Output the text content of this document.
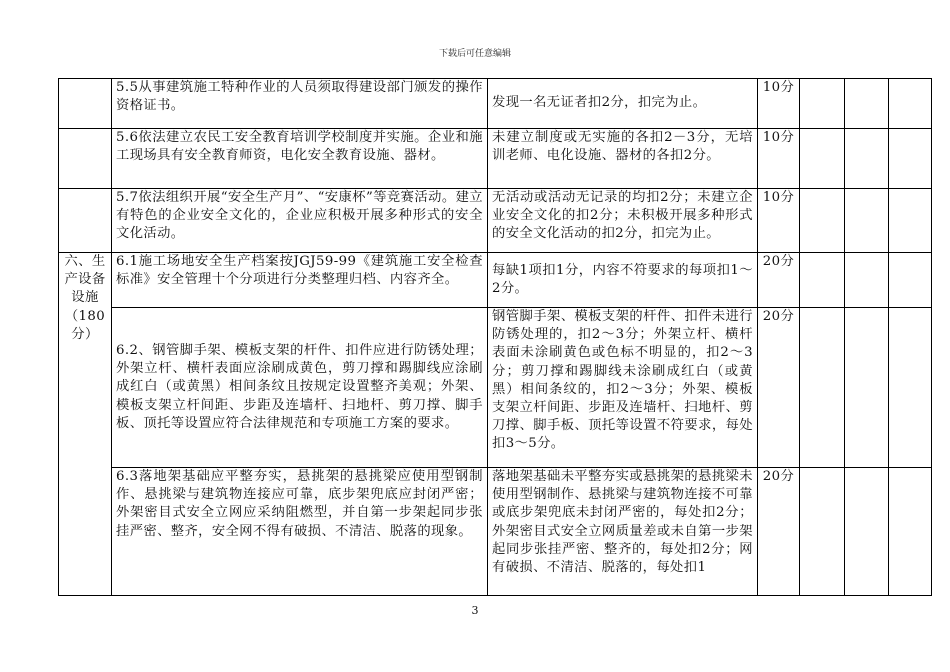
下载后可任意编辑
	5.5从事建筑施工特种作业的人员须取得建设部门颁发的操作资格证书。	发现一名无证者扣2分，扣完为止。	10分			
	5.6依法建立农民工安全教育培训学校制度并实施。企业和施工现场具有安全教育师资，电化安全教育设施、器材。	未建立制度或无实施的各扣2－3分，无培训老师、电化设施、器材的各扣2分。	10分			
	5.7依法组织开展“安全生产月”、“安康杯”等竞赛活动。建立有特色的企业安全文化的，企业应积极开展多种形式的安全文化活动。	无活动或活动无记录的均扣2分；未建立企业安全文化的扣2分；未积极开展多种形式的安全文化活动的扣2分，扣完为止。	10分			
六、生产设备设施（180分）	6.1施工场地安全生产档案按JGJ59-99《建筑施工安全检查标准》安全管理十个分项进行分类整理归档、内容齐全。	每缺1项扣1分，内容不符要求的每项扣1～2分。	20分			
	6.2、钢管脚手架、模板支架的杆件、扣件应进行防锈处理；外架立杆、横杆表面应涂刷成黄色，剪刀撑和踢脚线应涂刷成红白（或黄黑）相间条纹且按规定设置整齐美观；外架、模板支架立杆间距、步距及连墙杆、扫地杆、剪刀撑、脚手板、顶托等设置应符合法律规范和专项施工方案的要求。	钢管脚手架、模板支架的杆件、扣件未进行防锈处理的，扣2～3分；外架立杆、横杆表面未涂刷黄色或色标不明显的，扣2～3分；剪刀撑和踢脚线未涂刷成红白（或黄黑）相间条纹的，扣2～3分；外架、模板支架立杆间距、步距及连墙杆、扫地杆、剪刀撑、脚手板、顶托等设置不符要求，每处扣3～5分。	20分			
	6.3落地架基础应平整夯实，悬挑架的悬挑梁应使用型钢制作、悬挑梁与建筑物连接应可靠，底步架兜底应封闭严密；外架密目式安全立网应采纳阻燃型，并自第一步架起同步张挂严密、整齐，安全网不得有破损、不清洁、脱落的现象。	落地架基础未平整夯实或悬挑架的悬挑梁未使用型钢制作、悬挑梁与建筑物连接不可靠或底步架兜底未封闭严密的，每处扣2分；外架密目式安全立网质量差或未自第一步架起同步张挂严密、整齐的，每处扣2分；网有破损、不清洁、脱落的，每处扣1	20分			
3
